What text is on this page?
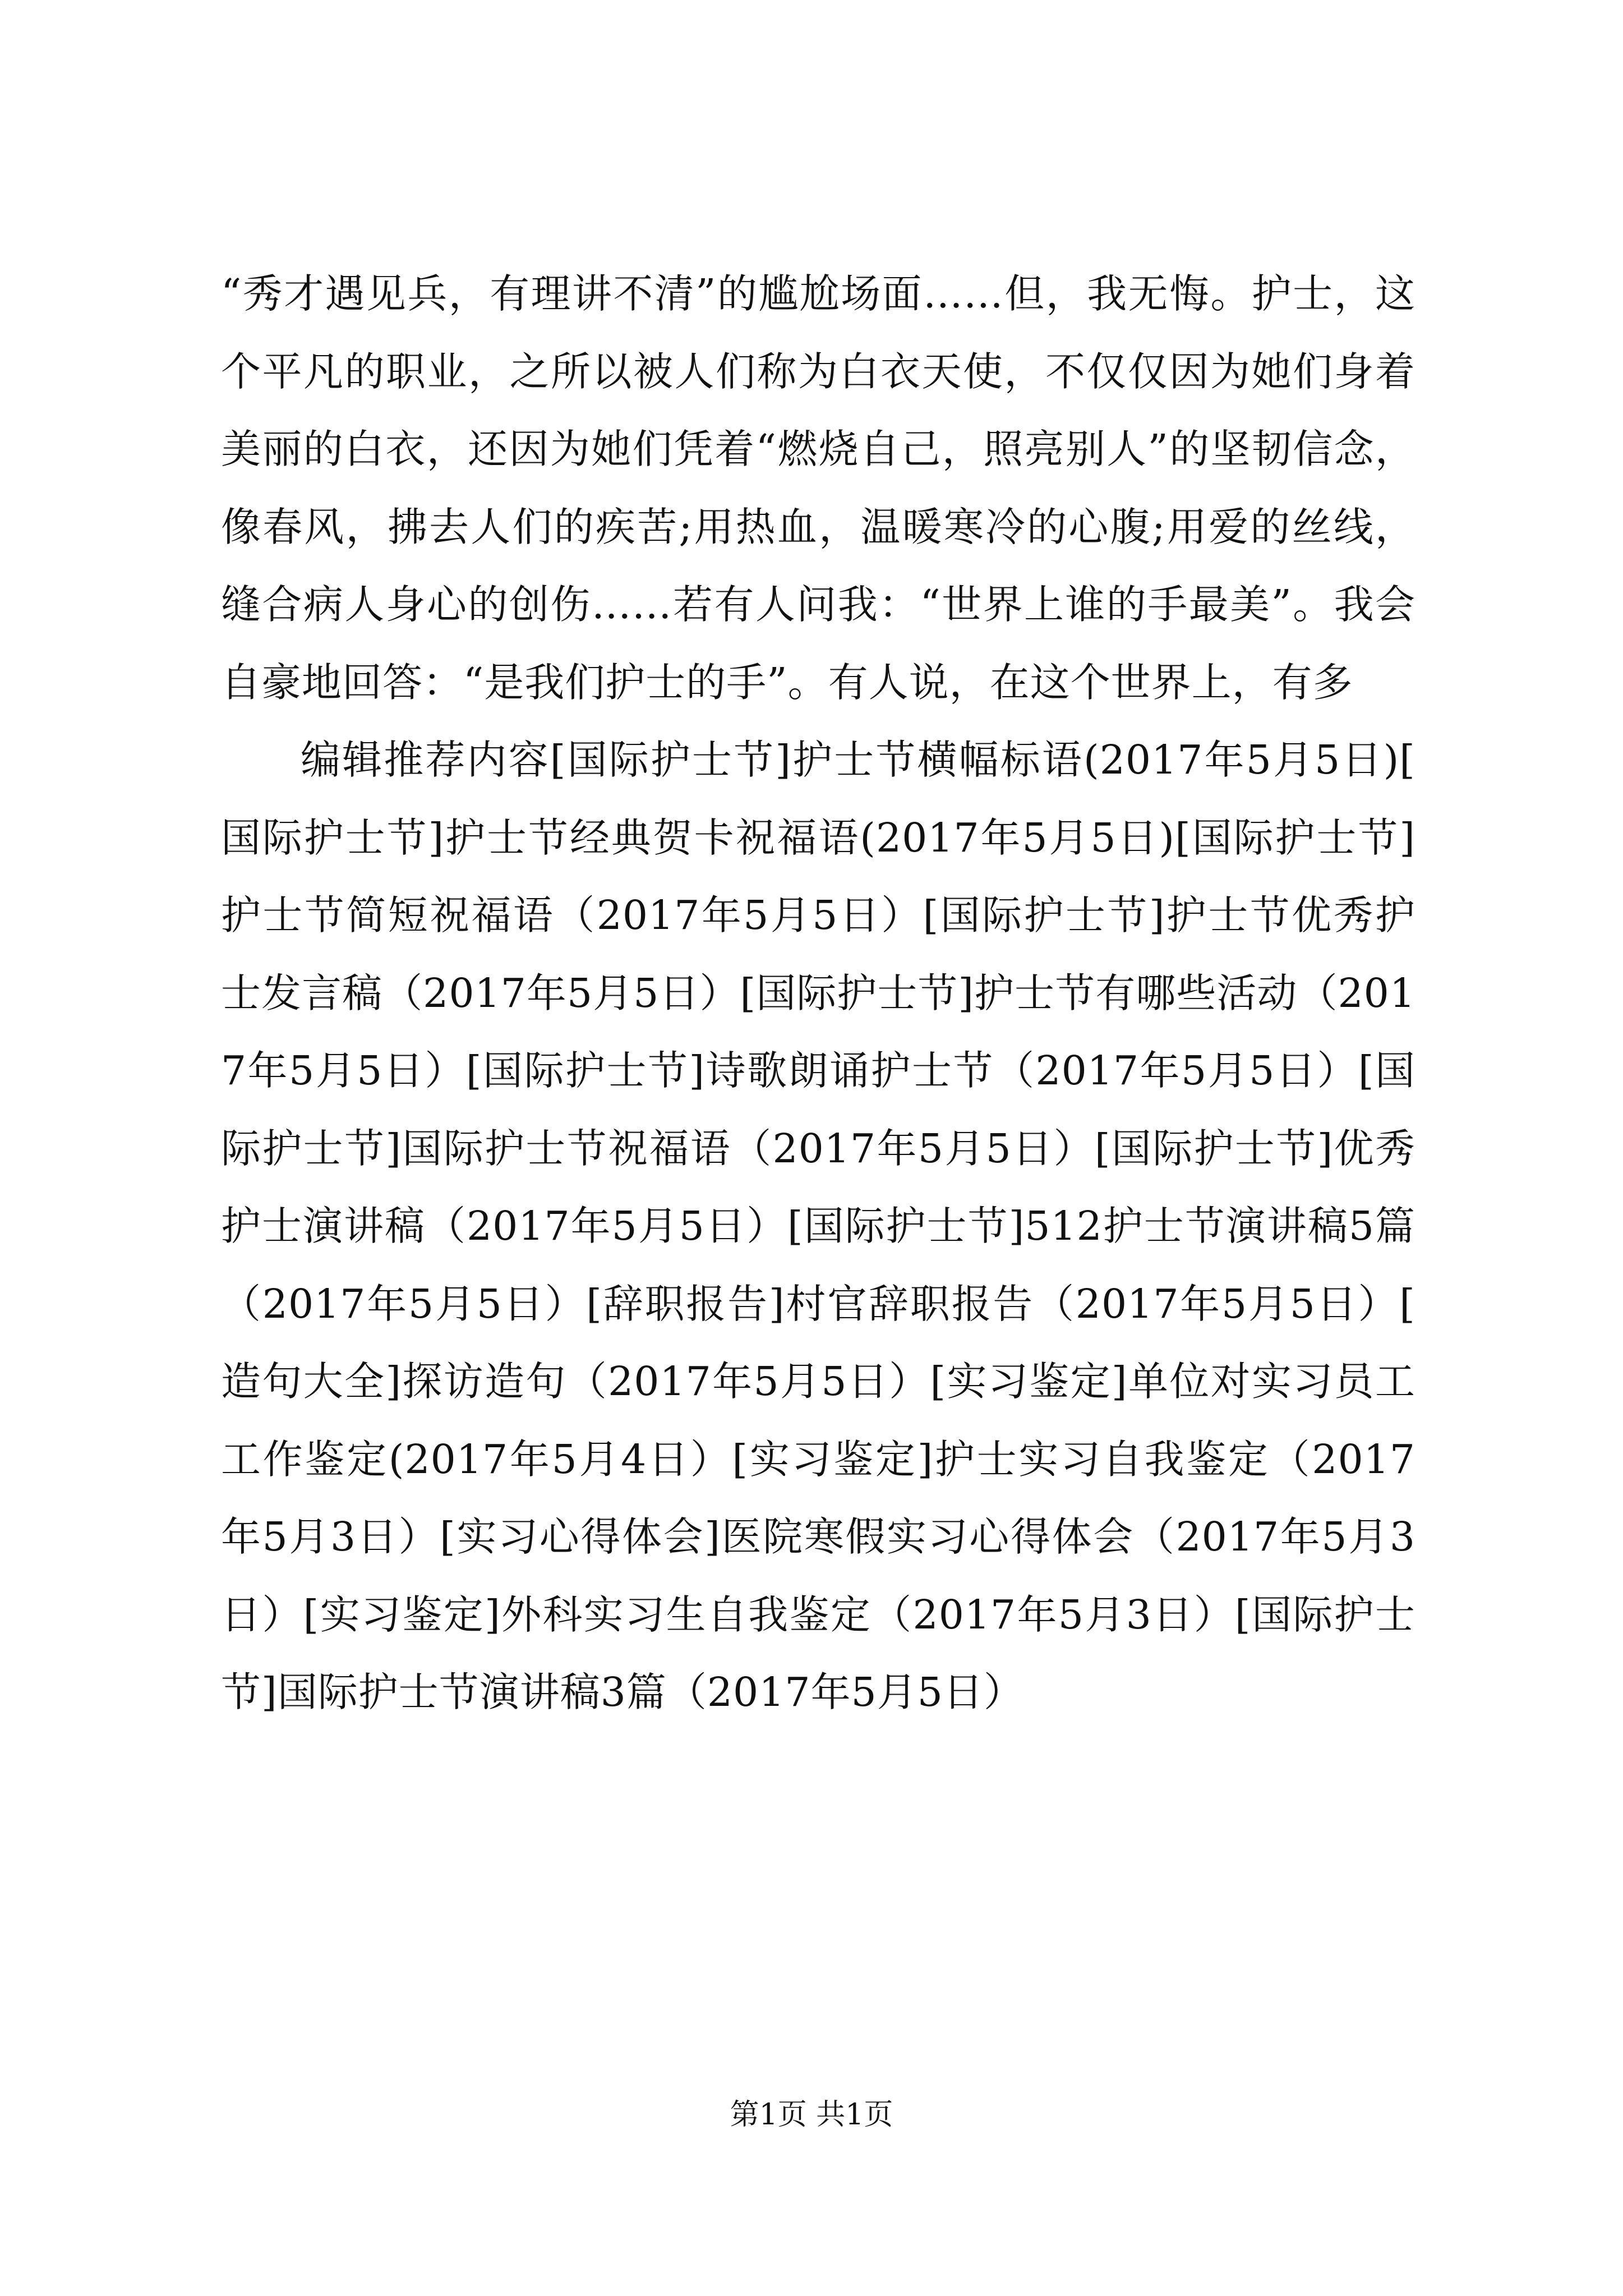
“秀才遇见兵，有理讲不清”的尴尬场面……但，我无悔。护士，这个平凡的职业，之所以被人们称为白衣天使，不仅仅因为她们身着美丽的白衣，还因为她们凭着“燃烧自己，照亮别人”的坚韧信念，像春风，拂去人们的疾苦;用热血，温暖寒冷的心腹;用爱的丝线，缝合病人身心的创伤……若有人问我：“世界上谁的手最美”。我会自豪地回答：“是我们护士的手”。有人说，在这个世界上，有多

编辑推荐内容[国际护士节]护士节横幅标语(2017年5月5日)[国际护士节]护士节经典贺卡祝福语(2017年5月5日)[国际护士节]护士节简短祝福语（2017年5月5日）[国际护士节]护士节优秀护士发言稿（2017年5月5日）[国际护士节]护士节有哪些活动（2017年5月5日）[国际护士节]诗歌朗诵护士节（2017年5月5日）[国际护士节]国际护士节祝福语（2017年5月5日）[国际护士节]优秀护士演讲稿（2017年5月5日）[国际护士节]512护士节演讲稿5篇（2017年5月5日）[辞职报告]村官辞职报告（2017年5月5日）[造句大全]探访造句（2017年5月5日）[实习鉴定]单位对实习员工工作鉴定(2017年5月4日）[实习鉴定]护士实习自我鉴定（2017年5月3日）[实习心得体会]医院寒假实习心得体会（2017年5月3日）[实习鉴定]外科实习生自我鉴定（2017年5月3日）[国际护士节]国际护士节演讲稿3篇（2017年5月5日）

第1页 共1页
